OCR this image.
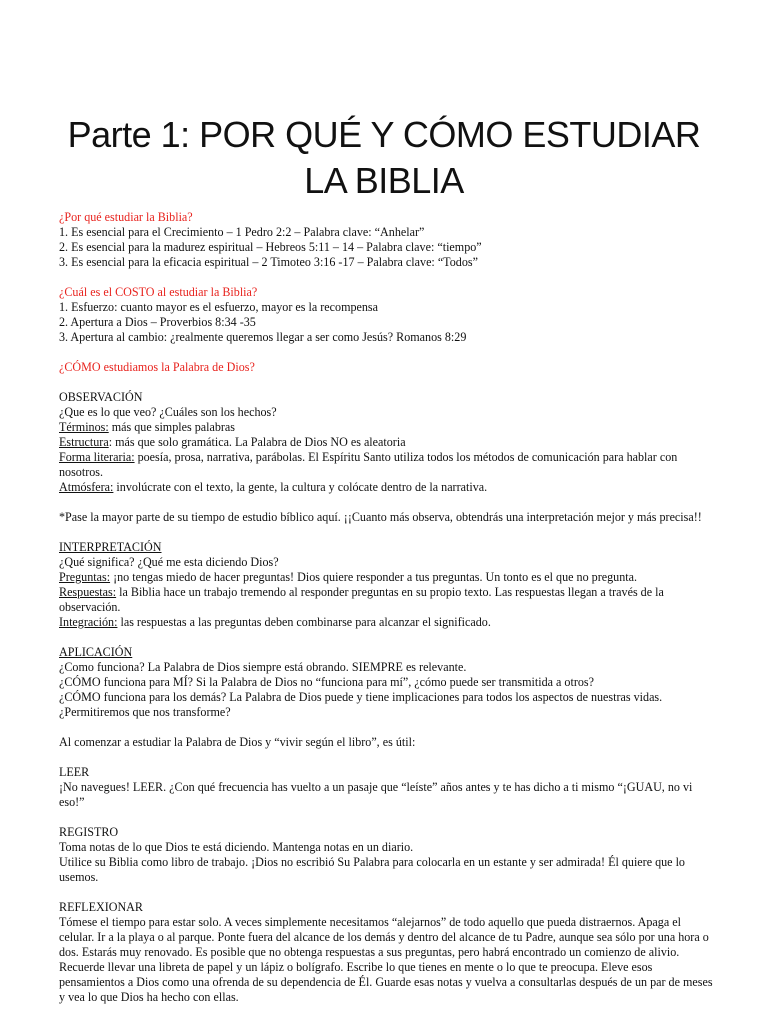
Parte 1: POR QUÉ Y CÓMO ESTUDIAR LA BIBLIA
¿Por qué estudiar la Biblia?
1. Es esencial para el Crecimiento – 1 Pedro 2:2 – Palabra clave: “Anhelar”
2. Es esencial para la madurez espiritual – Hebreos 5:11 – 14 – Palabra clave: “tiempo”
3. Es esencial para la eficacia espiritual – 2 Timoteo 3:16 -17 – Palabra clave: “Todos”
¿Cuál es el COSTO al estudiar la Biblia?
1. Esfuerzo: cuanto mayor es el esfuerzo, mayor es la recompensa
2. Apertura a Dios – Proverbios 8:34 -35
3. Apertura al cambio: ¿realmente queremos llegar a ser como Jesús? Romanos 8:29
¿CÓMO estudiamos la Palabra de Dios?
OBSERVACIÓN
¿Que es lo que veo? ¿Cuáles son los hechos?
Términos: más que simples palabras
Estructura: más que solo gramática. La Palabra de Dios NO es aleatoria
Forma literaria: poesía, prosa, narrativa, parábolas. El Espíritu Santo utiliza todos los métodos de comunicación para hablar con nosotros.
Atmósfera: involúcrate con el texto, la gente, la cultura y colócate dentro de la narrativa.
*Pase la mayor parte de su tiempo de estudio bíblico aquí. ¡¡Cuanto más observa, obtendrás una interpretación mejor y más precisa!!
INTERPRETACIÓN
¿Qué significa? ¿Qué me esta diciendo Dios?
Preguntas: ¡no tengas miedo de hacer preguntas! Dios quiere responder a tus preguntas. Un tonto es el que no pregunta.
Respuestas: la Biblia hace un trabajo tremendo al responder preguntas en su propio texto. Las respuestas llegan a través de la observación.
Integración: las respuestas a las preguntas deben combinarse para alcanzar el significado.
APLICACIÓN
¿Como funciona? La Palabra de Dios siempre está obrando. SIEMPRE es relevante.
¿CÓMO funciona para MÍ? Si la Palabra de Dios no “funciona para mí”, ¿cómo puede ser transmitida a otros?
¿CÓMO funciona para los demás? La Palabra de Dios puede y tiene implicaciones para todos los aspectos de nuestras vidas.
¿Permitiremos que nos transforme?
Al comenzar a estudiar la Palabra de Dios y “vivir según el libro”, es útil:
LEER
¡No navegues! LEER. ¿Con qué frecuencia has vuelto a un pasaje que “leíste” años antes y te has dicho a ti mismo “¡GUAU, no vi eso!”
REGISTRO
Toma notas de lo que Dios te está diciendo. Mantenga notas en un diario.
Utilice su Biblia como libro de trabajo. ¡Dios no escribió Su Palabra para colocarla en un estante y ser admirada! Él quiere que lo usemos.
REFLEXIONAR
Tómese el tiempo para estar solo. A veces simplemente necesitamos “alejarnos” de todo aquello que pueda distraernos. Apaga el celular. Ir a la playa o al parque. Ponte fuera del alcance de los demás y dentro del alcance de tu Padre, aunque sea sólo por una hora o dos. Estarás muy renovado. Es posible que no obtenga respuestas a sus preguntas, pero habrá encontrado un comienzo de alivio. Recuerde llevar una libreta de papel y un lápiz o bolígrafo. Escribe lo que tienes en mente o lo que te preocupa. Eleve esos pensamientos a Dios como una ofrenda de su dependencia de Él. Guarde esas notas y vuelva a consultarlas después de un par de meses y vea lo que Dios ha hecho con ellas.
